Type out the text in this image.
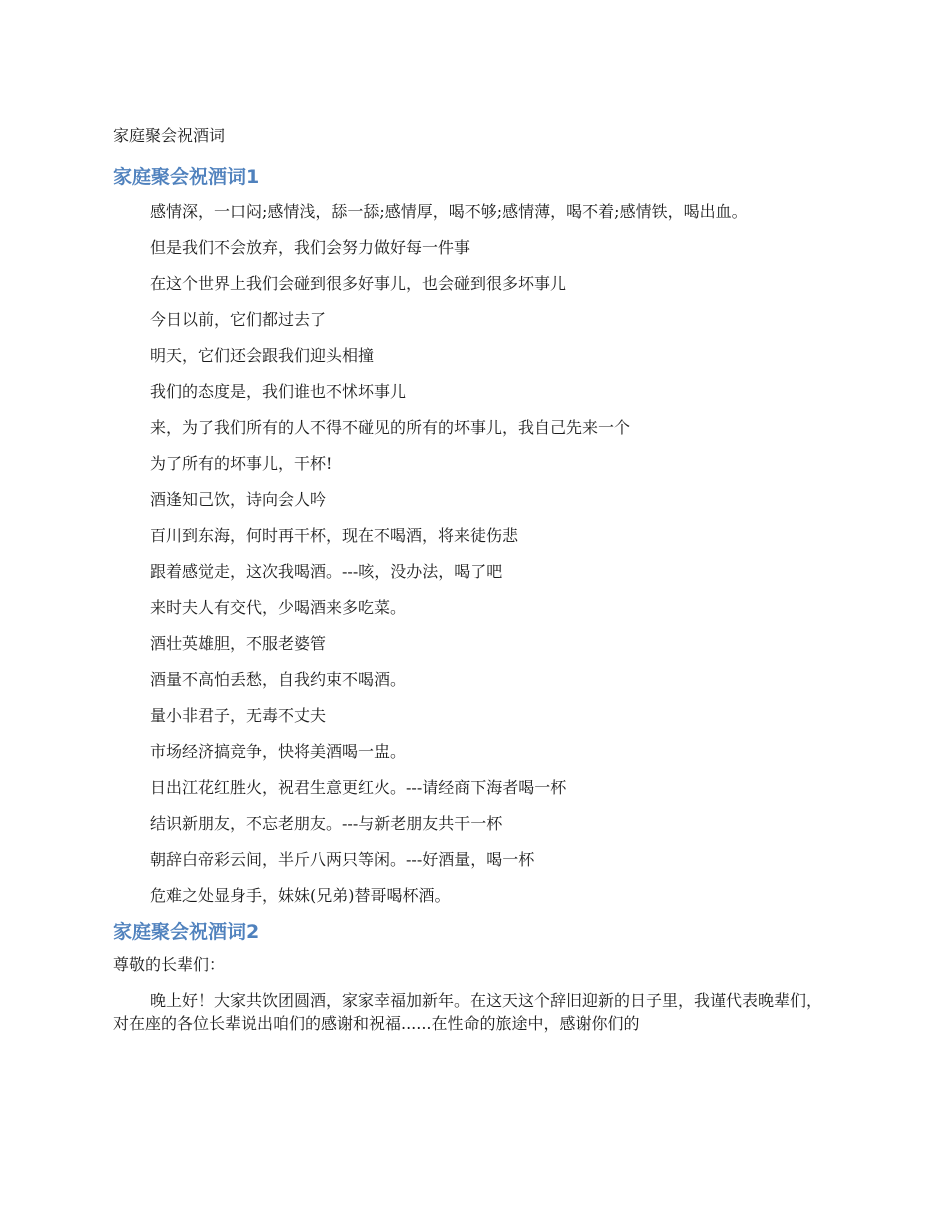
家庭聚会祝酒词

家庭聚会祝酒词1

感情深，一口闷;感情浅，舔一舔;感情厚，喝不够;感情薄，喝不着;感情铁，喝出血。

但是我们不会放弃，我们会努力做好每一件事

在这个世界上我们会碰到很多好事儿，也会碰到很多坏事儿

今日以前，它们都过去了

明天，它们还会跟我们迎头相撞

我们的态度是，我们谁也不怵坏事儿

来，为了我们所有的人不得不碰见的所有的坏事儿，我自己先来一个

为了所有的坏事儿，干杯!

酒逢知己饮，诗向会人吟

百川到东海，何时再干杯，现在不喝酒，将来徒伤悲

跟着感觉走，这次我喝酒。---咳，没办法，喝了吧

来时夫人有交代，少喝酒来多吃菜。

酒壮英雄胆，不服老婆管

酒量不高怕丢愁，自我约束不喝酒。

量小非君子，无毒不丈夫

市场经济搞竞争，快将美酒喝一盅。

日出江花红胜火，祝君生意更红火。---请经商下海者喝一杯

结识新朋友，不忘老朋友。---与新老朋友共干一杯

朝辞白帝彩云间，半斤八两只等闲。---好酒量，喝一杯

危难之处显身手，妹妹(兄弟)替哥喝杯酒。

家庭聚会祝酒词2

尊敬的长辈们：

晚上好！大家共饮团圆酒，家家幸福加新年。在这天这个辞旧迎新的日子里，我谨代表晚辈们，对在座的各位长辈说出咱们的感谢和祝福......在性命的旅途中，感谢你们的
